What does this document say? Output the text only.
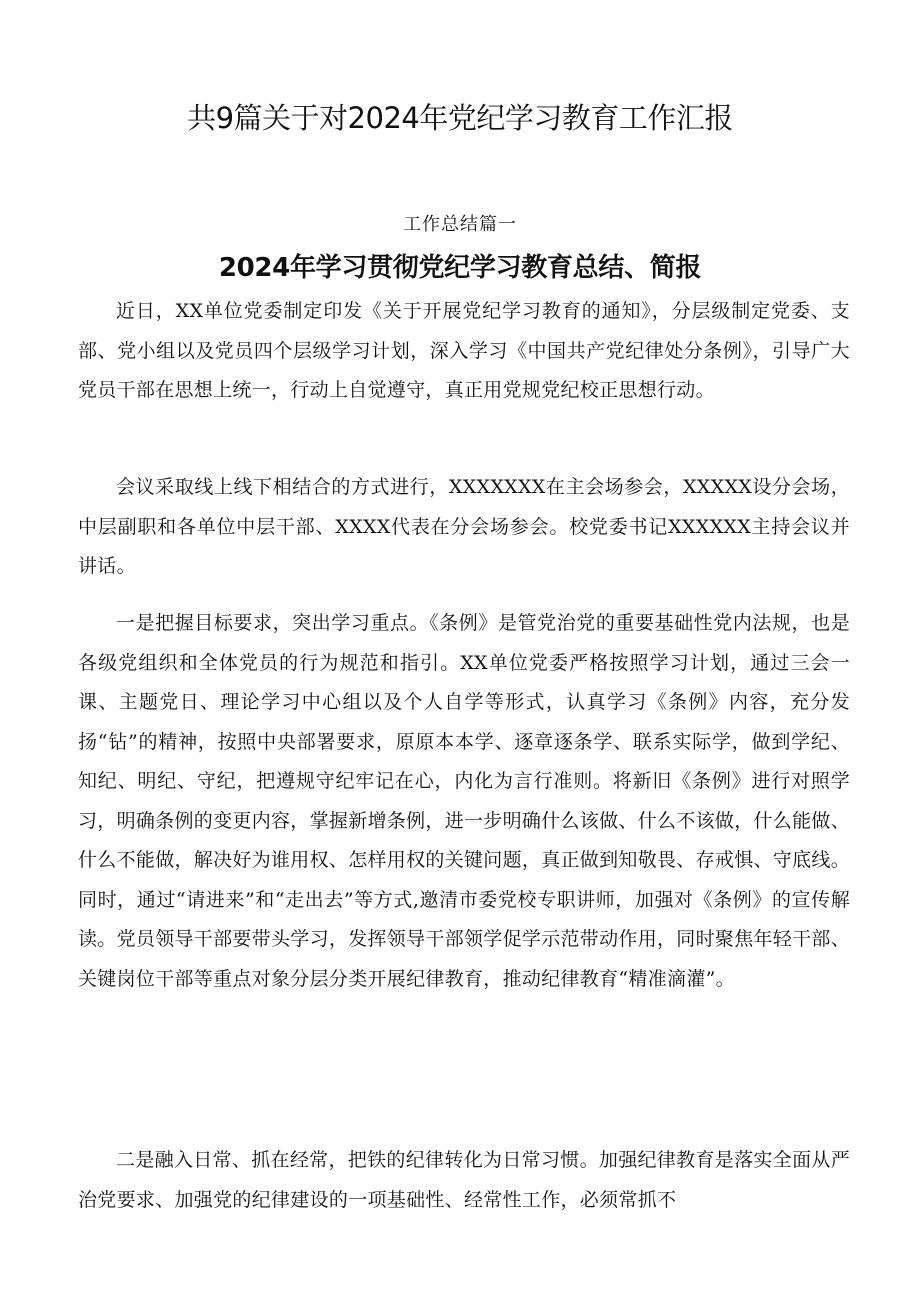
共9篇关于对2024年党纪学习教育工作汇报
工作总结篇一
2024年学习贯彻党纪学习教育总结、简报

近日，XX单位党委制定印发《关于开展党纪学习教育的通知》，分层级制定党委、支部、党小组以及党员四个层级学习计划，深入学习《中国共产党纪律处分条例》，引导广大党员干部在思想上统一，行动上自觉遵守，真正用党规党纪校正思想行动。

会议采取线上线下相结合的方式进行，XXXXXXX在主会场参会，XXXXX设分会场，中层副职和各单位中层干部、XXXX代表在分会场参会。校党委书记XXXXXX主持会议并讲话。

一是把握目标要求，突出学习重点。《条例》是管党治党的重要基础性党内法规，也是各级党组织和全体党员的行为规范和指引。XX单位党委严格按照学习计划，通过三会一课、主题党日、理论学习中心组以及个人自学等形式，认真学习《条例》内容，充分发扬“钻”的精神，按照中央部署要求，原原本本学、逐章逐条学、联系实际学，做到学纪、知纪、明纪、守纪，把遵规守纪牢记在心，内化为言行准则。将新旧《条例》进行对照学习，明确条例的变更内容，掌握新增条例，进一步明确什么该做、什么不该做，什么能做、什么不能做，解决好为谁用权、怎样用权的关键问题，真正做到知敬畏、存戒惧、守底线。同时，通过“请进来”和“走出去”等方式,邀清市委党校专职讲师，加强对《条例》的宣传解读。党员领导干部要带头学习，发挥领导干部领学促学示范带动作用，同时聚焦年轻干部、关键岗位干部等重点对象分层分类开展纪律教育，推动纪律教育“精准滴灌”。

二是融入日常、抓在经常，把铁的纪律转化为日常习惯。加强纪律教育是落实全面从严治党要求、加强党的纪律建设的一项基础性、经常性工作，必须常抓不
